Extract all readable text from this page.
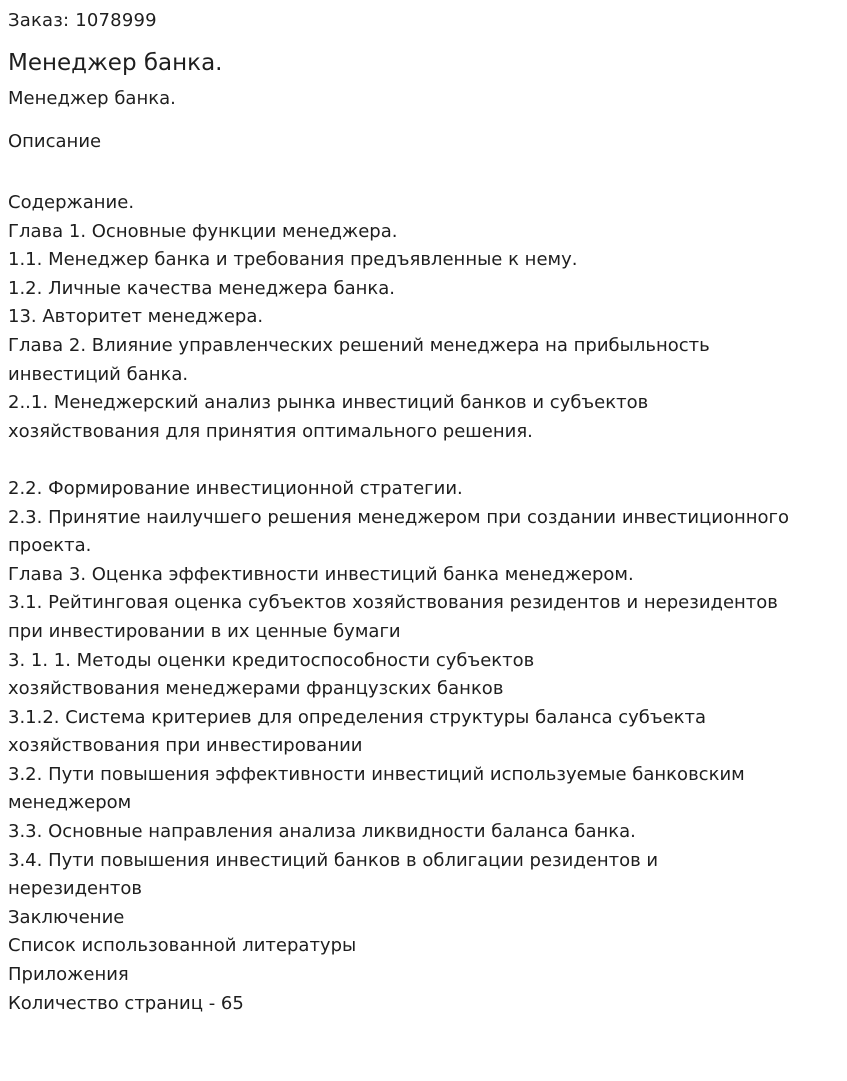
Заказ: 1078999
Менеджер банка.
Менеджер банка.
Описание
Содержание.
Глава 1. Основные функции менеджера.
1.1. Менеджер банка и требования предъявленные к нему.
1.2. Личные качества менеджера банка.
13. Авторитет менеджера.
Глава 2. Влияние управленческих решений менеджера на прибыльность
инвестиций банка.
2..1. Менеджерский анализ рынка инвестиций банков и субъектов
хозяйствования для принятия оптимального решения.
2.2. Формирование инвестиционной стратегии.
2.3. Принятие наилучшего решения менеджером при создании инвестиционного
проекта.
Глава 3. Оценка эффективности инвестиций банка менеджером.
3.1. Рейтинговая оценка субъектов хозяйствования резидентов и нерезидентов
при инвестировании в их ценные бумаги
3. 1. 1. Методы оценки кредитоспособности субъектов
хозяйствования менеджерами французских банков
3.1.2. Система критериев для определения структуры баланса субъекта
хозяйствования при инвестировании
3.2. Пути повышения эффективности инвестиций используемые банковским
менеджером
3.3. Основные направления анализа ликвидности баланса банка.
3.4. Пути повышения инвестиций банков в облигации резидентов и
нерезидентов
Заключение
Список использованной литературы
Приложения
Количество страниц - 65
